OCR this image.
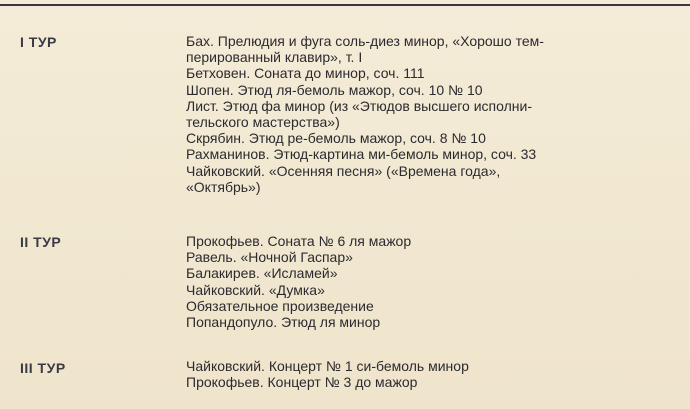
I ТУР	Бах. Прелюдия и фуга соль-диез минор, «Хорошо тем-
перированный клавир», т. I
Бетховен. Соната до минор, соч. 111
Шопен. Этюд ля-бемоль мажор, соч. 10 № 10
Лист. Этюд фа минор (из «Этюдов высшего исполни-
тельского мастерства»)
Скрябин. Этюд ре-бемоль мажор, соч. 8 № 10
Рахманинов. Этюд-картина ми-бемоль минор, соч. 33
Чайковский. «Осенняя песня» («Времена года»,
«Октябрь»)
II ТУР	Прокофьев. Соната № 6 ля мажор
Равель. «Ночной Гаспар»
Балакирев. «Исламей»
Чайковский. «Думка»
Обязательное произведение
Попандопуло. Этюд ля минор
III ТУР	Чайковский. Концерт № 1 си-бемоль минор
Прокофьев. Концерт № 3 до мажор
